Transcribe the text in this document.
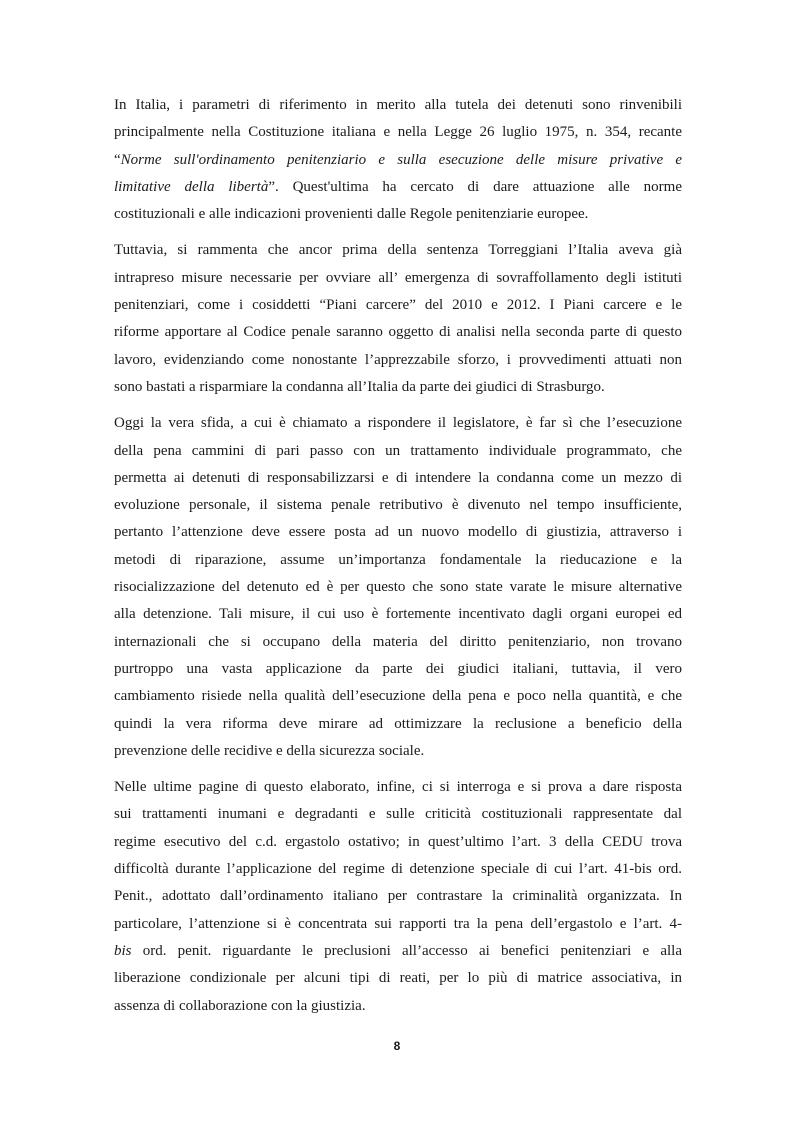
In Italia, i parametri di riferimento in merito alla tutela dei detenuti sono rinvenibili
principalmente nella Costituzione italiana e nella Legge 26 luglio 1975, n. 354, recante
“Norme sull'ordinamento penitenziario e sulla esecuzione delle misure privative e
limitative della libertà”. Quest'ultima ha cercato di dare attuazione alle norme
costituzionali e alle indicazioni provenienti dalle Regole penitenziarie europee.
Tuttavia, si rammenta che ancor prima della sentenza Torreggiani l’Italia aveva già
intrapreso misure necessarie per ovviare all’ emergenza di sovraffollamento degli istituti
penitenziari, come i cosiddetti “Piani carcere” del 2010 e 2012. I Piani carcere e le
riforme apportare al Codice penale saranno oggetto di analisi nella seconda parte di questo
lavoro, evidenziando come nonostante l’apprezzabile sforzo, i provvedimenti attuati non
sono bastati a risparmiare la condanna all’Italia da parte dei giudici di Strasburgo.
Oggi la vera sfida, a cui è chiamato a rispondere il legislatore, è far sì che l’esecuzione
della pena cammini di pari passo con un trattamento individuale programmato, che
permetta ai detenuti di responsabilizzarsi e di intendere la condanna come un mezzo di
evoluzione personale, il sistema penale retributivo è divenuto nel tempo insufficiente,
pertanto l’attenzione deve essere posta ad un nuovo modello di giustizia, attraverso i
metodi di riparazione, assume un’importanza fondamentale la rieducazione e la
risocializzazione del detenuto ed è per questo che sono state varate le misure alternative
alla detenzione. Tali misure, il cui uso è fortemente incentivato dagli organi europei ed
internazionali che si occupano della materia del diritto penitenziario, non trovano
purtroppo una vasta applicazione da parte dei giudici italiani, tuttavia, il vero
cambiamento risiede nella qualità dell’esecuzione della pena e poco nella quantità, e che
quindi la vera riforma deve mirare ad ottimizzare la reclusione a beneficio della
prevenzione delle recidive e della sicurezza sociale.
Nelle ultime pagine di questo elaborato, infine, ci si interroga e si prova a dare risposta
sui trattamenti inumani e degradanti e sulle criticità costituzionali rappresentate dal
regime esecutivo del c.d. ergastolo ostativo; in quest’ultimo l’art. 3 della CEDU trova
difficoltà durante l’applicazione del regime di detenzione speciale di cui l’art. 41-bis ord.
Penit., adottato dall’ordinamento italiano per contrastare la criminalità organizzata. In
particolare, l’attenzione si è concentrata sui rapporti tra la pena dell’ergastolo e l’art. 4-
bis ord. penit. riguardante le preclusioni all’accesso ai benefici penitenziari e alla
liberazione condizionale per alcuni tipi di reati, per lo più di matrice associativa, in
assenza di collaborazione con la giustizia.
8
